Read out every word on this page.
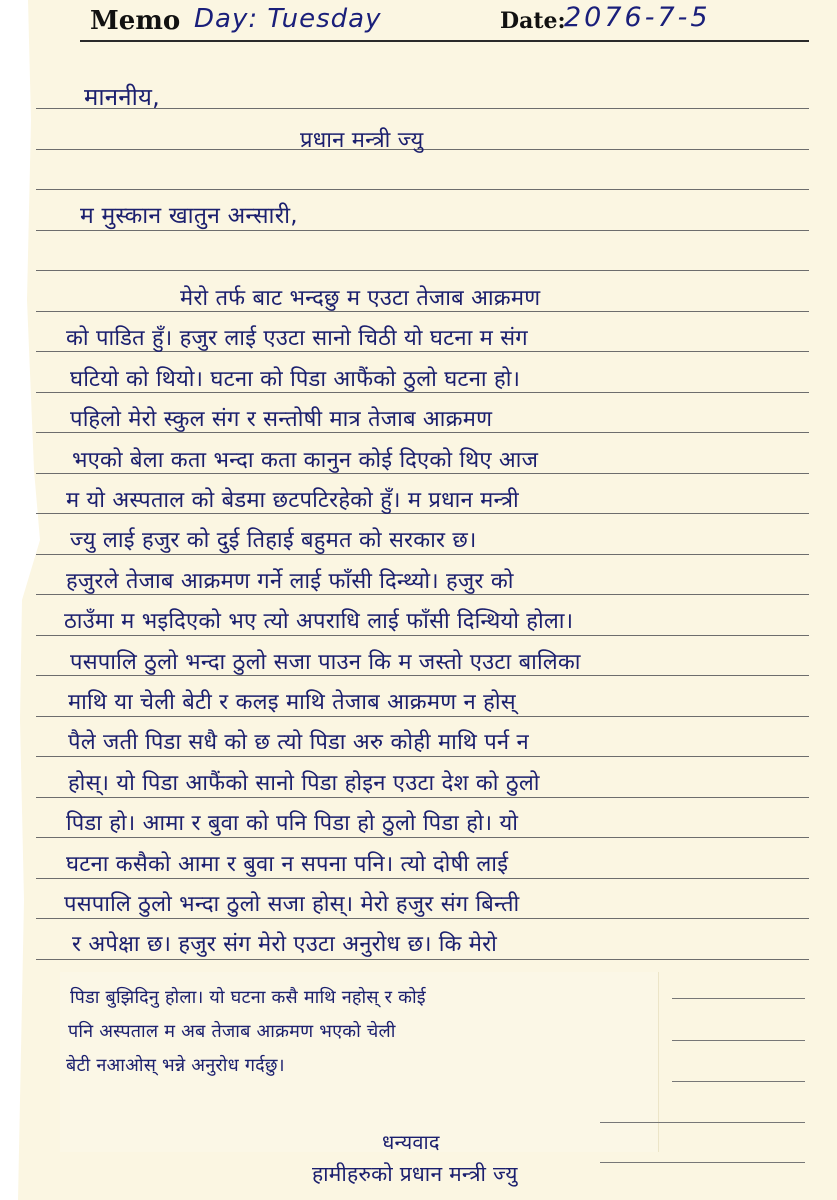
Memo Day: Tuesday	Date:
2076-7-5
माननीय,
प्रधान मन्त्री ज्यु
म मुस्कान खातुन अन्सारी,
मेरो तर्फ बाट भन्दछु म एउटा तेजाब आक्रमण
को पाडित हुँ। हजुर लाई एउटा सानो चिठी यो घटना म संग
घटियो को थियो। घटना को पिडा आफैंको ठुलो घटना हो।
पहिलो मेरो स्कुल संग र सन्तोषी मात्र तेजाब आक्रमण
भएको बेला कता भन्दा कता कानुन कोई दिएको थिए आज
म यो अस्पताल को बेडमा छटपटिरहेको हुँ। म प्रधान मन्त्री
ज्यु लाई हजुर को दुई तिहाई बहुमत को सरकार छ।
हजुरले तेजाब आक्रमण गर्ने लाई फाँसी दिन्थ्यो। हजुर को
ठाउँमा म भइदिएको भए त्यो अपराधि लाई फाँसी दिन्थियो होला।
पसपालि ठुलो भन्दा ठुलो सजा पाउन कि म जस्तो एउटा बालिका
माथि या चेली बेटी र कलइ माथि तेजाब आक्रमण न होस्
पैले जती पिडा सधै को छ त्यो पिडा अरु कोही माथि पर्न न
होस्। यो पिडा आफैंको सानो पिडा होइन एउटा देश को ठुलो
पिडा हो। आमा र बुवा को पनि पिडा हो ठुलो पिडा हो। यो
घटना कसैको आमा र बुवा न सपना पनि। त्यो दोषी लाई
पसपालि ठुलो भन्दा ठुलो सजा होस्। मेरो हजुर संग बिन्ती
र अपेक्षा छ। हजुर संग मेरो एउटा अनुरोध छ। कि मेरो
पिडा बुझिदिनु होला। यो घटना कसै माथि नहोस् र कोई
पनि अस्पताल म अब तेजाब आक्रमण भएको चेली
बेटी नआओस् भन्ने अनुरोध गर्दछु।
धन्यवाद
हामीहरुको प्रधान मन्त्री ज्यु
